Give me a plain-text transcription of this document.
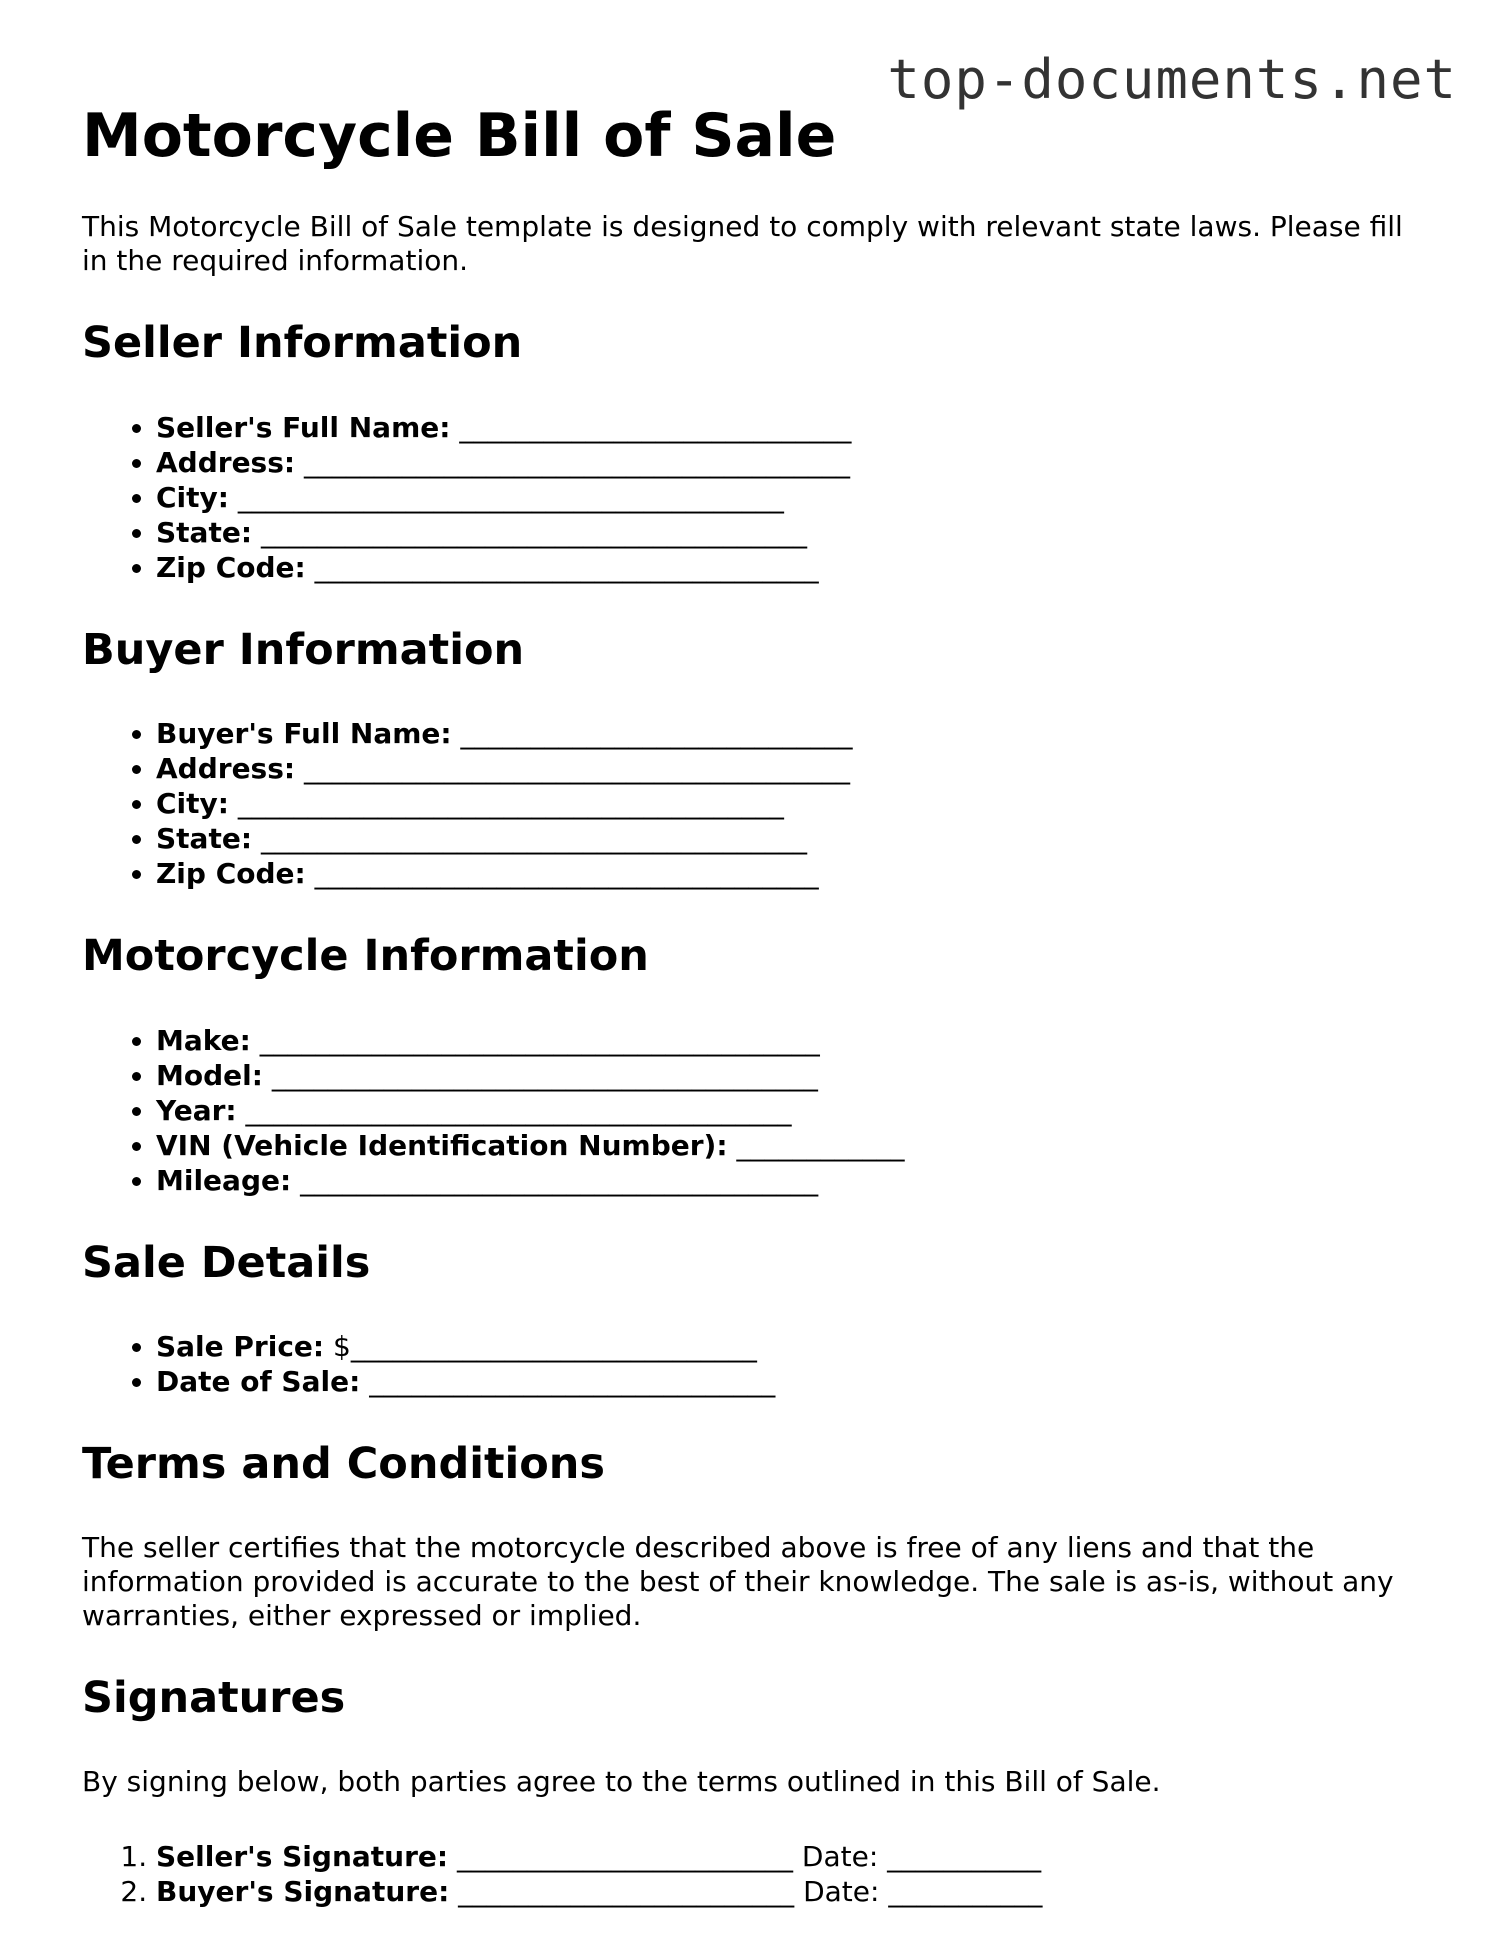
top-documents.net
Motorcycle Bill of Sale

This Motorcycle Bill of Sale template is designed to comply with relevant state laws. Please fill in the required information.

Seller Information
• Seller's Full Name: ____________________________
• Address: _______________________________________
• City: _______________________________________
• State: _______________________________________
• Zip Code: ____________________________________
Buyer Information
• Buyer's Full Name: ____________________________
• Address: _______________________________________
• City: _______________________________________
• State: _______________________________________
• Zip Code: ____________________________________
Motorcycle Information
• Make: ________________________________________
• Model: _______________________________________
• Year: _______________________________________
• VIN (Vehicle Identification Number): ____________
• Mileage: _____________________________________
Sale Details
• Sale Price: $_____________________________
• Date of Sale: _____________________________
Terms and Conditions

The seller certifies that the motorcycle described above is free of any liens and that the information provided is accurate to the best of their knowledge. The sale is as-is, without any warranties, either expressed or implied.

Signatures

By signing below, both parties agree to the terms outlined in this Bill of Sale.

1. Seller's Signature: ________________________ Date: ___________
2. Buyer's Signature: ________________________ Date: ___________
